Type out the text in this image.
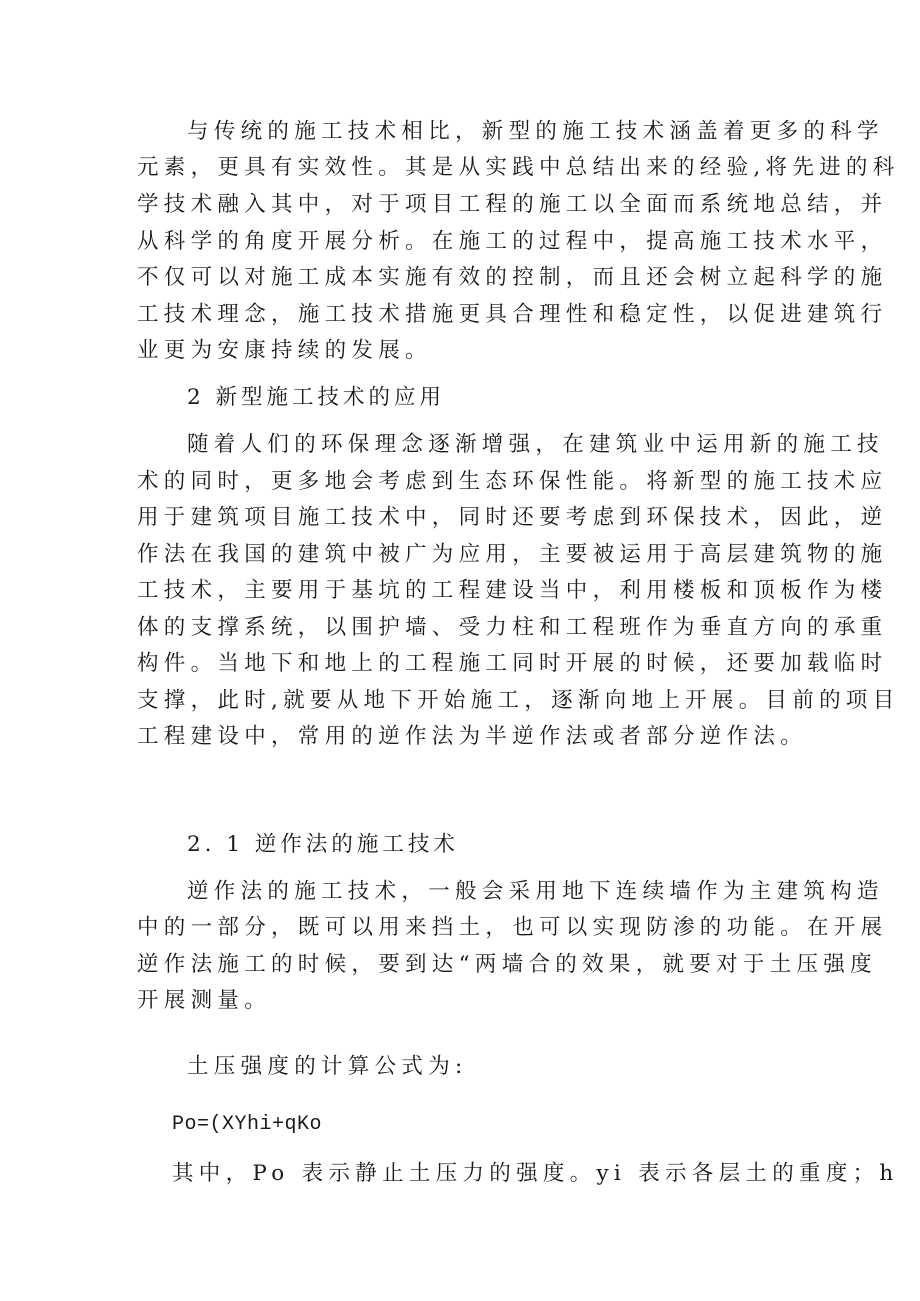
与传统的施工技术相比，新型的施工技术涵盖着更多的科学
元素，更具有实效性。其是从实践中总结出来的经验,将先进的科
学技术融入其中，对于项目工程的施工以全面而系统地总结，并
从科学的角度开展分析。在施工的过程中，提高施工技术水平，
不仅可以对施工成本实施有效的控制，而且还会树立起科学的施
工技术理念，施工技术措施更具合理性和稳定性，以促进建筑行
业更为安康持续的发展。
2 新型施工技术的应用
随着人们的环保理念逐渐增强，在建筑业中运用新的施工技
术的同时，更多地会考虑到生态环保性能。将新型的施工技术应
用于建筑项目施工技术中，同时还要考虑到环保技术，因此，逆
作法在我国的建筑中被广为应用，主要被运用于高层建筑物的施
工技术，主要用于基坑的工程建设当中，利用楼板和顶板作为楼
体的支撑系统，以围护墙、受力柱和工程班作为垂直方向的承重
构件。当地下和地上的工程施工同时开展的时候，还要加载临时
支撑，此时,就要从地下开始施工，逐渐向地上开展。目前的项目
工程建设中，常用的逆作法为半逆作法或者部分逆作法。
2. 1 逆作法的施工技术
逆作法的施工技术，一般会采用地下连续墙作为主建筑构造
中的一部分，既可以用来挡土，也可以实现防渗的功能。在开展
逆作法施工的时候，要到达“两墙合的效果，就要对于土压强度
开展测量。
土压强度的计算公式为:
Po=(XYhi+qKo
其中，Po 表示静止土压力的强度。yi 表示各层土的重度；h
